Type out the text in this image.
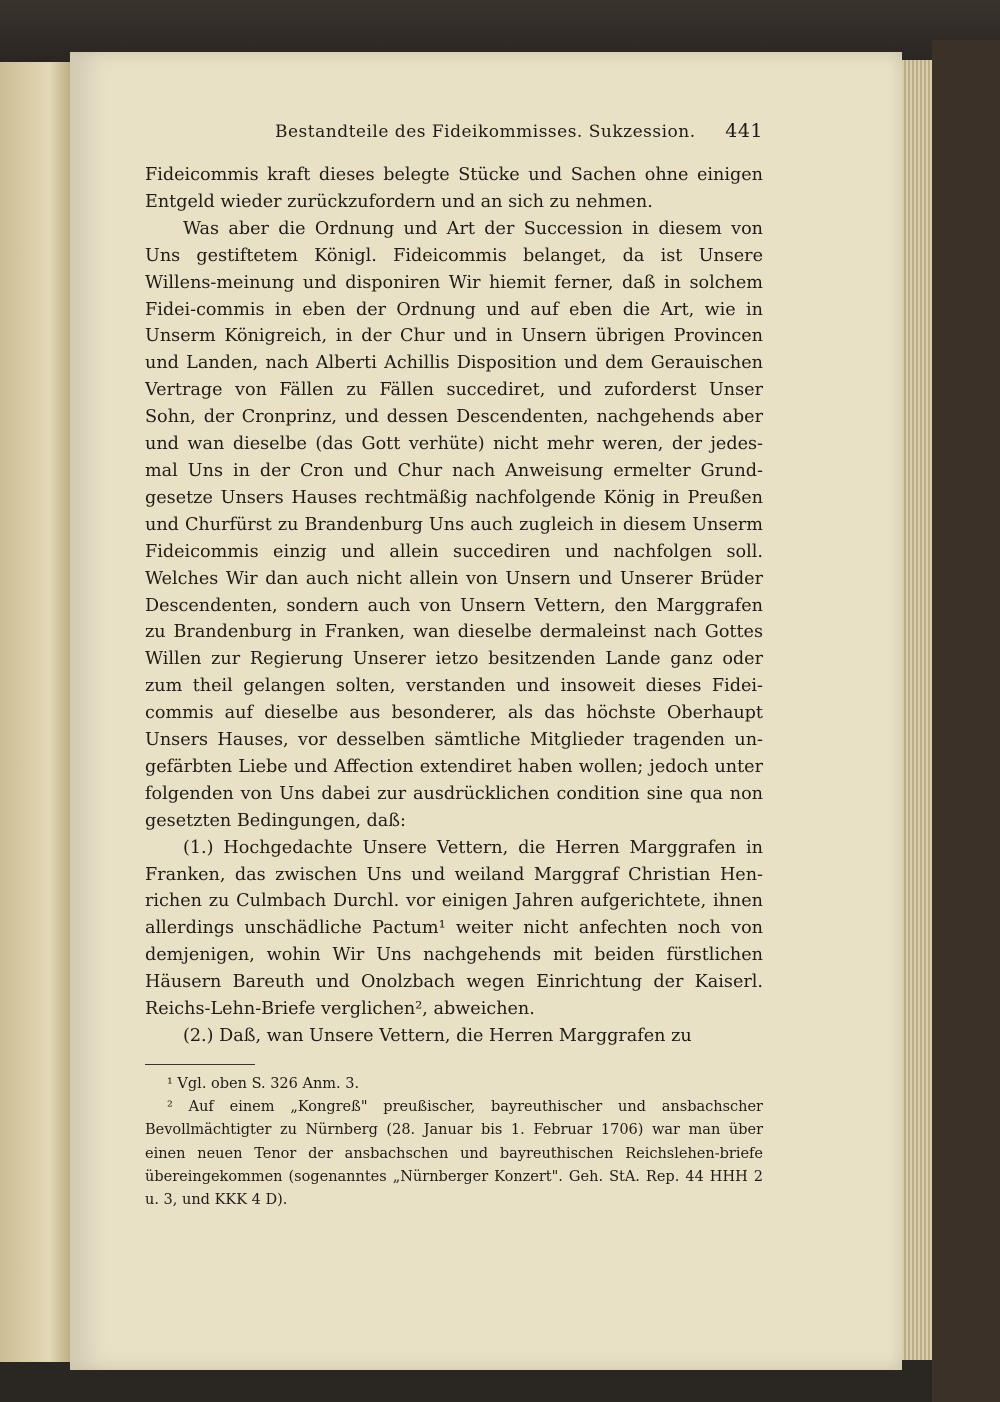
Bestandteile des Fideikommisses. Sukzession. 441

Fideicommis kraft dieses belegte Stücke und Sachen ohne einigen Entgeld wieder zurückzufordern und an sich zu nehmen.

Was aber die Ordnung und Art der Succession in diesem von Uns gestiftetem Königl. Fideicommis belanget, da ist Unsere Willens-meinung und disponiren Wir hiemit ferner, daß in solchem Fidei-commis in eben der Ordnung und auf eben die Art, wie in Unserm Königreich, in der Chur und in Unsern übrigen Provincen und Landen, nach Alberti Achillis Disposition und dem Gerauischen Vertrage von Fällen zu Fällen succediret, und zuforderst Unser Sohn, der Cronprinz, und dessen Descendenten, nachgehends aber und wan dieselbe (das Gott verhüte) nicht mehr weren, der jedes-mal Uns in der Cron und Chur nach Anweisung ermelter Grund-gesetze Unsers Hauses rechtmäßig nachfolgende König in Preußen und Churfürst zu Brandenburg Uns auch zugleich in diesem Unserm Fideicommis einzig und allein succediren und nachfolgen soll. Welches Wir dan auch nicht allein von Unsern und Unserer Brüder Descendenten, sondern auch von Unsern Vettern, den Marggrafen zu Brandenburg in Franken, wan dieselbe dermaleinst nach Gottes Willen zur Regierung Unserer ietzo besitzenden Lande ganz oder zum theil gelangen solten, verstanden und insoweit dieses Fidei-commis auf dieselbe aus besonderer, als das höchste Oberhaupt Unsers Hauses, vor desselben sämtliche Mitglieder tragenden un-gefärbten Liebe und Affection extendiret haben wollen; jedoch unter folgenden von Uns dabei zur ausdrücklichen condition sine qua non gesetzten Bedingungen, daß:

(1.) Hochgedachte Unsere Vettern, die Herren Marggrafen in Franken, das zwischen Uns und weiland Marggraf Christian Hen-richen zu Culmbach Durchl. vor einigen Jahren aufgerichtete, ihnen allerdings unschädliche Pactum¹ weiter nicht anfechten noch von demjenigen, wohin Wir Uns nachgehends mit beiden fürstlichen Häusern Bareuth und Onolzbach wegen Einrichtung der Kaiserl. Reichs-Lehn-Briefe verglichen², abweichen.

(2.) Daß, wan Unsere Vettern, die Herren Marggrafen zu

¹ Vgl. oben S. 326 Anm. 3.

² Auf einem „Kongreß" preußischer, bayreuthischer und ansbachscher Bevollmächtigter zu Nürnberg (28. Januar bis 1. Februar 1706) war man über einen neuen Tenor der ansbachschen und bayreuthischen Reichslehen-briefe übereingekommen (sogenanntes „Nürnberger Konzert". Geh. StA. Rep. 44 HHH 2 u. 3, und KKK 4 D).
